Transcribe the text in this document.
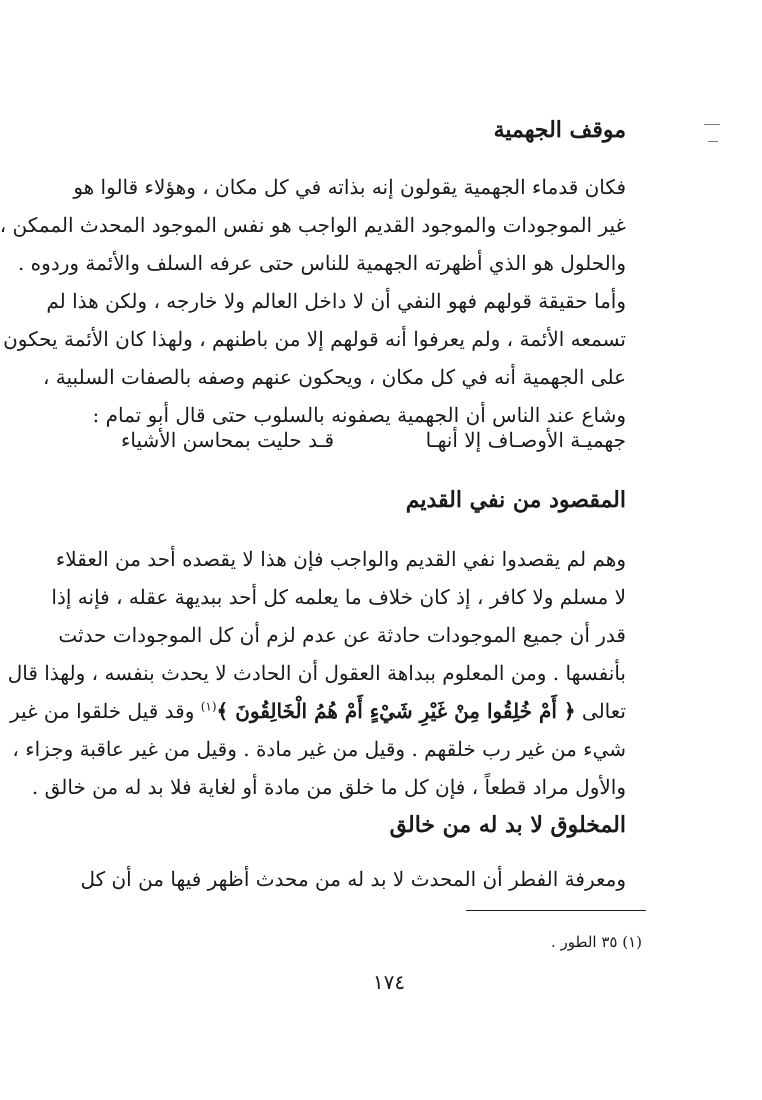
موقف الجهمية
فكان قدماء الجهمية يقولون إنه بذاته في كل مكان ، وهؤلاء قالوا هو
غير الموجودات والموجود القديم الواجب هو نفس الموجود المحدث الممكن ،
والحلول هو الذي أظهرته الجهمية للناس حتى عرفه السلف والأئمة وردوه .
وأما حقيقة قولهم فهو النفي أن لا داخل العالم ولا خارجه ، ولكن هذا لم
تسمعه الأئمة ، ولم يعرفوا أنه قولهم إلا من باطنهم ، ولهذا كان الأئمة يحكون
على الجهمية أنه في كل مكان ، ويحكون عنهم وصفه بالصفات السلبية ،
وشاع عند الناس أن الجهمية يصفونه بالسلوب حتى قال أبو تمام :
جهميـة الأوصـاف إلا أنهـا
قـد حليت بمحاسن الأشياء
المقصود من نفي القديم
وهم لم يقصدوا نفي القديم والواجب فإن هذا لا يقصده أحد من العقلاء
لا مسلم ولا كافر ، إذ كان خلاف ما يعلمه كل أحد ببديهة عقله ، فإنه إذا
قدر أن جميع الموجودات حادثة عن عدم لزم أن كل الموجودات حدثت
بأنفسها . ومن المعلوم ببداهة العقول أن الحادث لا يحدث بنفسه ، ولهذا قال
تعالى ﴿ أَمْ خُلِقُوا مِنْ غَيْرِ شَيْءٍ أَمْ هُمُ الْخَالِقُونَ ﴾$^{(١)}$ وقد قيل خلقوا من غير
شيء من غير رب خلقهم . وقيل من غير مادة . وقيل من غير عاقبة وجزاء ،
والأول مراد قطعاً ، فإن كل ما خلق من مادة أو لغاية فلا بد له من خالق .
المخلوق لا بد له من خالق
ومعرفة الفطر أن المحدث لا بد له من محدث أظهر فيها من أن كل
(١) ٣٥ الطور .
١٧٤
